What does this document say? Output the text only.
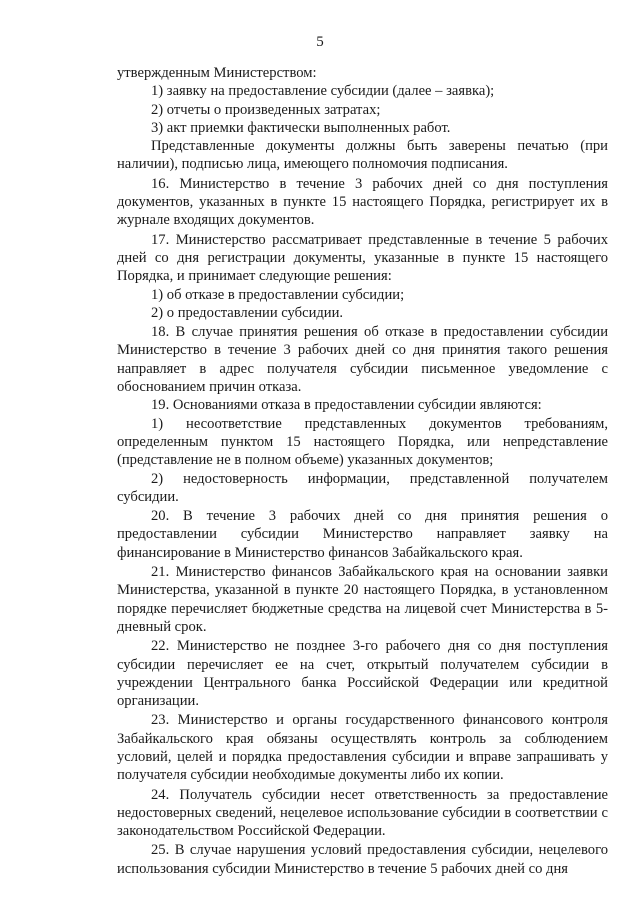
5

утвержденным Министерством:

1) заявку на предоставление субсидии (далее – заявка);

2) отчеты о произведенных затратах;

3) акт приемки фактически выполненных работ.

Представленные документы должны быть заверены печатью (при наличии), подписью лица, имеющего полномочия подписания.

16. Министерство в течение 3 рабочих дней со дня поступления документов, указанных в пункте 15 настоящего Порядка, регистрирует их в журнале входящих документов.

17. Министерство рассматривает представленные в течение 5 рабочих дней со дня регистрации документы, указанные в пункте 15 настоящего Порядка, и принимает следующие решения:

1) об отказе в предоставлении субсидии;

2) о предоставлении субсидии.

18. В случае принятия решения об отказе в предоставлении субсидии Министерство в течение 3 рабочих дней со дня принятия такого решения направляет в адрес получателя субсидии письменное уведомление с обоснованием причин отказа.

19. Основаниями отказа в предоставлении субсидии являются:

1) несоответствие представленных документов требованиям, определенным пунктом 15 настоящего Порядка, или непредставление (представление не в полном объеме) указанных документов;

2) недостоверность информации, представленной получателем субсидии.

20. В течение 3 рабочих дней со дня принятия решения о предоставлении субсидии Министерство направляет заявку на финансирование в Министерство финансов Забайкальского края.

21. Министерство финансов Забайкальского края на основании заявки Министерства, указанной в пункте 20 настоящего Порядка, в установленном порядке перечисляет бюджетные средства на лицевой счет Министерства в 5-дневный срок.

22. Министерство не позднее 3-го рабочего дня со дня поступления субсидии перечисляет ее на счет, открытый получателем субсидии в учреждении Центрального банка Российской Федерации или кредитной организации.

23. Министерство и органы государственного финансового контроля Забайкальского края обязаны осуществлять контроль за соблюдением условий, целей и порядка предоставления субсидии и вправе запрашивать у получателя субсидии необходимые документы либо их копии.

24. Получатель субсидии несет ответственность за предоставление недостоверных сведений, нецелевое использование субсидии в соответствии с законодательством Российской Федерации.

25. В случае нарушения условий предоставления субсидии, нецелевого использования субсидии Министерство в течение 5 рабочих дней со дня
